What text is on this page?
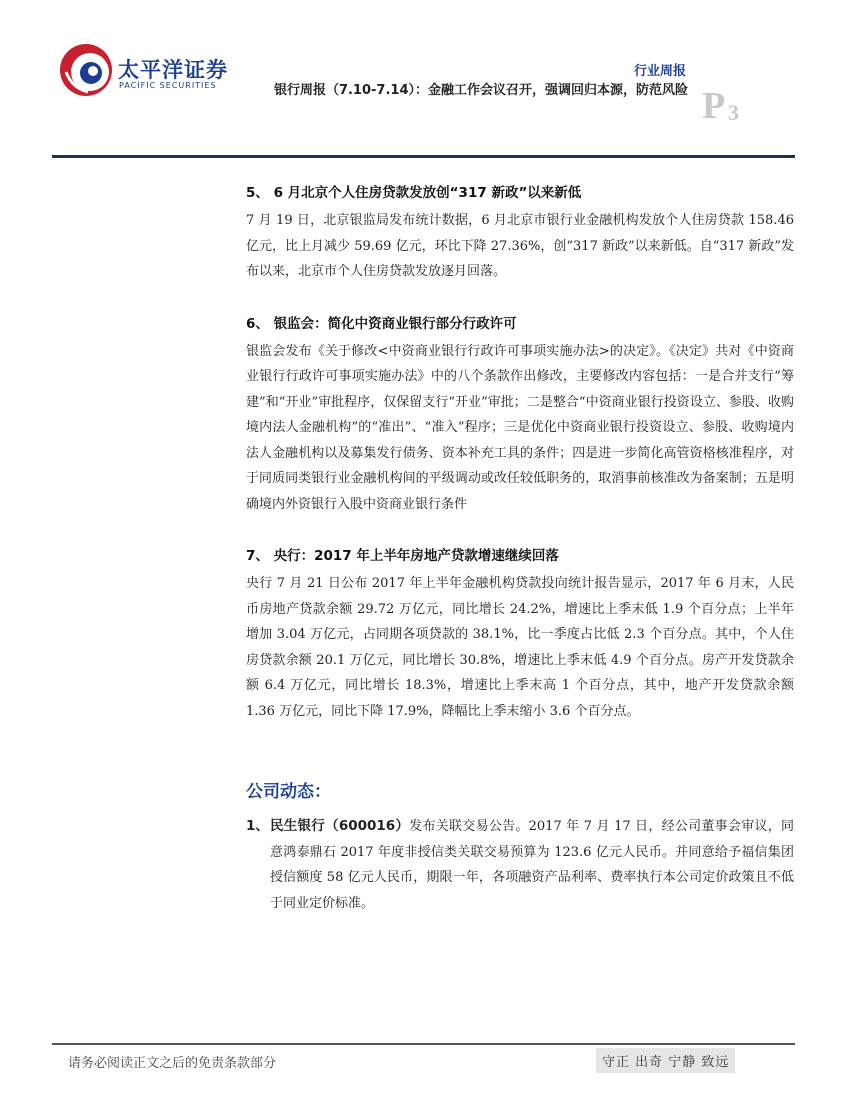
太平洋证券
PACIFIC SECURITIES
行业周报
银行周报（7.10-7.14）：金融工作会议召开，强调回归本源，防范风险 P 3
5、 6 月北京个人住房贷款发放创“317 新政”以来新低

7 月 19 日，北京银监局发布统计数据，6 月北京市银行业金融机构发放个人住房贷款 158.46 亿元，比上月减少 59.69 亿元，环比下降 27.36%，创“317 新政”以来新低。自“317 新政”发布以来，北京市个人住房贷款发放逐月回落。

6、 银监会：简化中资商业银行部分行政许可

银监会发布《关于修改<中资商业银行行政许可事项实施办法>的决定》。《决定》共对《中资商业银行行政许可事项实施办法》中的八个条款作出修改，主要修改内容包括：一是合并支行“筹建”和“开业”审批程序，仅保留支行“开业”审批；二是整合“中资商业银行投资设立、参股、收购境内法人金融机构”的“准出”、“准入”程序；三是优化中资商业银行投资设立、参股、收购境内法人金融机构以及募集发行债务、资本补充工具的条件；四是进一步简化高管资格核准程序，对于同质同类银行业金融机构间的平级调动或改任较低职务的，取消事前核准改为备案制；五是明确境内外资银行入股中资商业银行条件

7、 央行：2017 年上半年房地产贷款增速继续回落

央行 7 月 21 日公布 2017 年上半年金融机构贷款投向统计报告显示，2017 年 6 月末，人民币房地产贷款余额 29.72 万亿元，同比增长 24.2%，增速比上季末低 1.9 个百分点；上半年增加 3.04 万亿元，占同期各项贷款的 38.1%，比一季度占比低 2.3 个百分点。其中，个人住房贷款余额 20.1 万亿元，同比增长 30.8%，增速比上季末低 4.9 个百分点。房产开发贷款余额 6.4 万亿元，同比增长 18.3%，增速比上季末高 1 个百分点，其中，地产开发贷款余额 1.36 万亿元，同比下降 17.9%，降幅比上季末缩小 3.6 个百分点。

公司动态：
1、 民生银行（600016）发布关联交易公告。2017 年 7 月 17 日，经公司董事会审议，同意鸿泰鼎石 2017 年度非授信类关联交易预算为 123.6 亿元人民币。并同意给予福信集团授信额度 58 亿元人民币，期限一年，各项融资产品利率、费率执行本公司定价政策且不低于同业定价标准。

请务必阅读正文之后的免责条款部分	守正 出奇 宁静 致远
